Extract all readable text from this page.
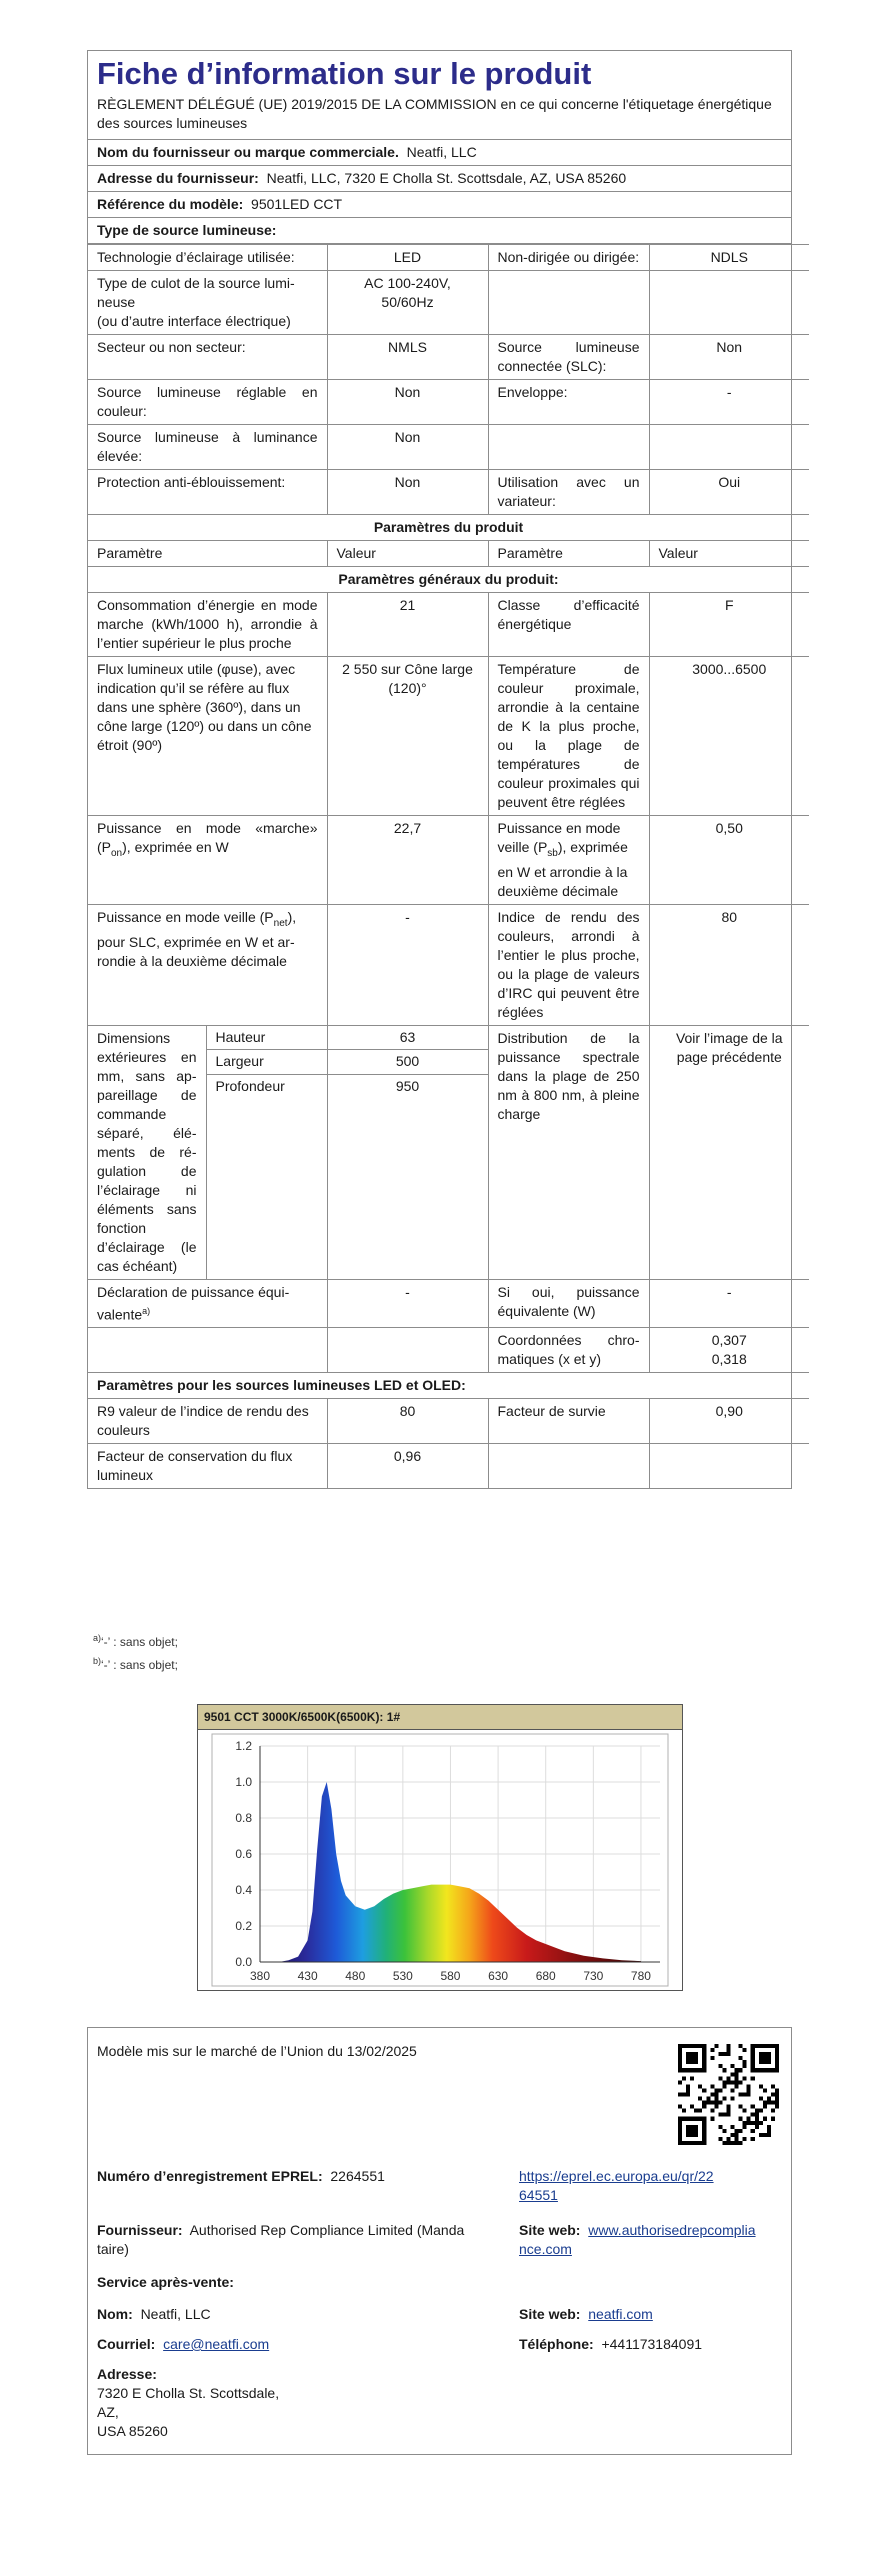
Fiche d’information sur le produit
RÈGLEMENT DÉLÉGUÉ (UE) 2019/2015 DE LA COMMISSION en ce qui concerne l'étiquetage énergétique des sources lumineuses
Nom du fournisseur ou marque commerciale. Neatfi, LLC
Adresse du fournisseur: Neatfi, LLC, 7320 E Cholla St. Scottsdale, AZ, USA 85260
Référence du modèle: 9501LED CCT
Type de source lumineuse:
Technologie d’éclairage utilisée:		LED	Non-dirigée ou dirigée:	NDLS

Type de culot de la source lumineuse
(ou d’autre interface électrique)		AC 100-240V, 50/60Hz		
Secteur ou non secteur:		NMLS	Source lumineuse connectée (SLC):	Non
Source lumineuse réglable en couleur:		Non	Enveloppe:	-
Source lumineuse à luminance élevée:		Non		
Protection anti-éblouissement:		Non	Utilisation avec un variateur:	Oui
Paramètres du produit				
Paramètre		Valeur	Paramètre	Valeur
Paramètres généraux du produit:				
Consommation d’énergie en mode marche (kWh/1000 h), arrondie à l’entier supérieur le plus proche		21	Classe d’efficacité énergétique	F
Flux lumineux utile (φuse), avec indication qu’il se réfère au flux dans une sphère (360º), dans un cône large (120º) ou dans un cône étroit (90º)		2 550 sur Cône large (120)°	Température de couleur proximale, arrondie à la centaine de K la plus proche, ou la plage de températures de couleur proximales qui peuvent être réglées	3000...6500
Puissance en mode «marche» $(P_{on})$, exprimée en W		22,7	Puissance en mode veille $(P_{sb})$, exprimée en W et arrondie à la deuxième décimale	0,50
Puissance en mode veille $(P_{net})$, pour SLC, exprimée en W et arrondie à la deuxième décimale		-	Indice de rendu des couleurs, arrondi à l’entier le plus proche, ou la plage de valeurs d’IRC qui peuvent être réglées	80
Dimensions extérieures en mm, sans appareillage de commande séparé, éléments de régulation de l’éclairage ni éléments sans fonction d’éclairage (le cas échéant)	Hauteur	63	Distribution de la puissance spectrale dans la plage de 250 nm à 800 nm, à pleine charge	Voir l’image de la page précédente
	Largeur	500		
	Profondeur	950		
Déclaration de puissance équivalente$^{a)}$		-	Si oui, puissance équivalente (W)	-
			Coordonnées chromatiques (x et y)	0,307
0,318

Paramètres pour les sources lumineuses LED et OLED:				
R9 valeur de l’indice de rendu des couleurs		80	Facteur de survie	0,90
Facteur de conservation du flux lumineux		0,96		
$^{a)}$‘-’ : sans objet;
$^{b)}$‘-’ : sans objet;
9501 CCT 3000K/6500K(6500K): 1#
0.0
0.2
0.4
0.6
0.8
1.0
1.2
380 430 480 530 580 630 680 730 780
Modèle mis sur le marché de l’Union du 13/02/2025
Numéro d’enregistrement EPREL: 2264551	https://eprel.ec.europa.eu/qr/22
64551
Fournisseur: Authorised Rep Compliance Limited (Manda
taire)
Site web: www.authorisedrepcomplia
nce.com
Service après-vente:
Nom: Neatfi, LLC	Site web: neatfi.com
Courriel: care@neatfi.com	Téléphone: +441173184091
Adresse:
7320 E Cholla St. Scottsdale,
AZ,
USA 85260
